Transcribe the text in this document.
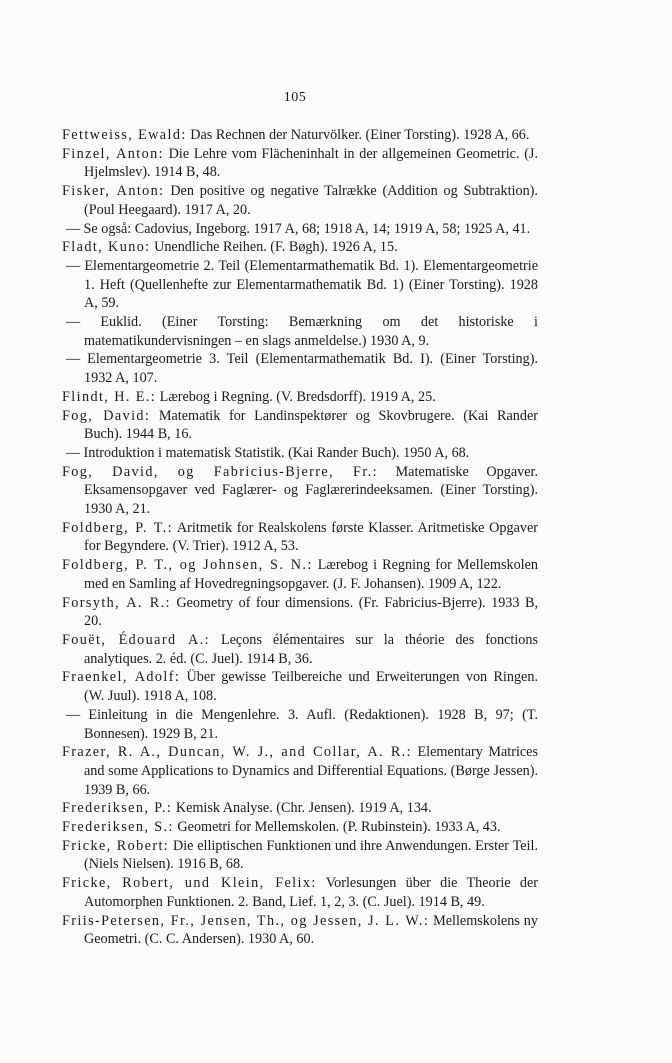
105

Fettweiss, Ewald: Das Rechnen der Naturvölker. (Einer Torsting). 1928 A, 66.

Finzel, Anton: Die Lehre vom Flächeninhalt in der allgemeinen Geometric. (J. Hjelmslev). 1914 B, 48.

Fisker, Anton: Den positive og negative Talrække (Addition og Subtraktion). (Poul Heegaard). 1917 A, 20.

— Se også: Cadovius, Ingeborg. 1917 A, 68; 1918 A, 14; 1919 A, 58; 1925 A, 41.

Fladt, Kuno: Unendliche Reihen. (F. Bøgh). 1926 A, 15.

— Elementargeometrie 2. Teil (Elementarmathematik Bd. 1). Elementargeometrie 1. Heft (Quellenhefte zur Elementarmathematik Bd. 1) (Einer Torsting). 1928 A, 59.

— Euklid. (Einer Torsting: Bemærkning om det historiske i matematikundervisningen – en slags anmeldelse.) 1930 A, 9.

— Elementargeometrie 3. Teil (Elementarmathematik Bd. I). (Einer Torsting). 1932 A, 107.

Flindt, H. E.: Lærebog i Regning. (V. Bredsdorff). 1919 A, 25.

Fog, David: Matematik for Landinspektører og Skovbrugere. (Kai Rander Buch). 1944 B, 16.

— Introduktion i matematisk Statistik. (Kai Rander Buch). 1950 A, 68.

Fog, David, og Fabricius-Bjerre, Fr.: Matematiske Opgaver. Eksamensopgaver ved Faglærer- og Faglærerindeeksamen. (Einer Torsting). 1930 A, 21.

Foldberg, P. T.: Aritmetik for Realskolens første Klasser. Aritmetiske Opgaver for Begyndere. (V. Trier). 1912 A, 53.

Foldberg, P. T., og Johnsen, S. N.: Lærebog i Regning for Mellemskolen med en Samling af Hovedregningsopgaver. (J. F. Johansen). 1909 A, 122.

Forsyth, A. R.: Geometry of four dimensions. (Fr. Fabricius-Bjerre). 1933 B, 20.

Fouët, Édouard A.: Leçons élémentaires sur la théorie des fonctions analytiques. 2. éd. (C. Juel). 1914 B, 36.

Fraenkel, Adolf: Über gewisse Teilbereiche und Erweiterungen von Ringen. (W. Juul). 1918 A, 108.

— Einleitung in die Mengenlehre. 3. Aufl. (Redaktionen). 1928 B, 97; (T. Bonnesen). 1929 B, 21.

Frazer, R. A., Duncan, W. J., and Collar, A. R.: Elementary Matrices and some Applications to Dynamics and Differential Equations. (Børge Jessen). 1939 B, 66.

Frederiksen, P.: Kemisk Analyse. (Chr. Jensen). 1919 A, 134.

Frederiksen, S.: Geometri for Mellemskolen. (P. Rubinstein). 1933 A, 43.

Fricke, Robert: Die elliptischen Funktionen und ihre Anwendungen. Erster Teil. (Niels Nielsen). 1916 B, 68.

Fricke, Robert, und Klein, Felix: Vorlesungen über die Theorie der Automorphen Funktionen. 2. Band, Lief. 1, 2, 3. (C. Juel). 1914 B, 49.

Friis-Petersen, Fr., Jensen, Th., og Jessen, J. L. W.: Mellemskolens ny Geometri. (C. C. Andersen). 1930 A, 60.
